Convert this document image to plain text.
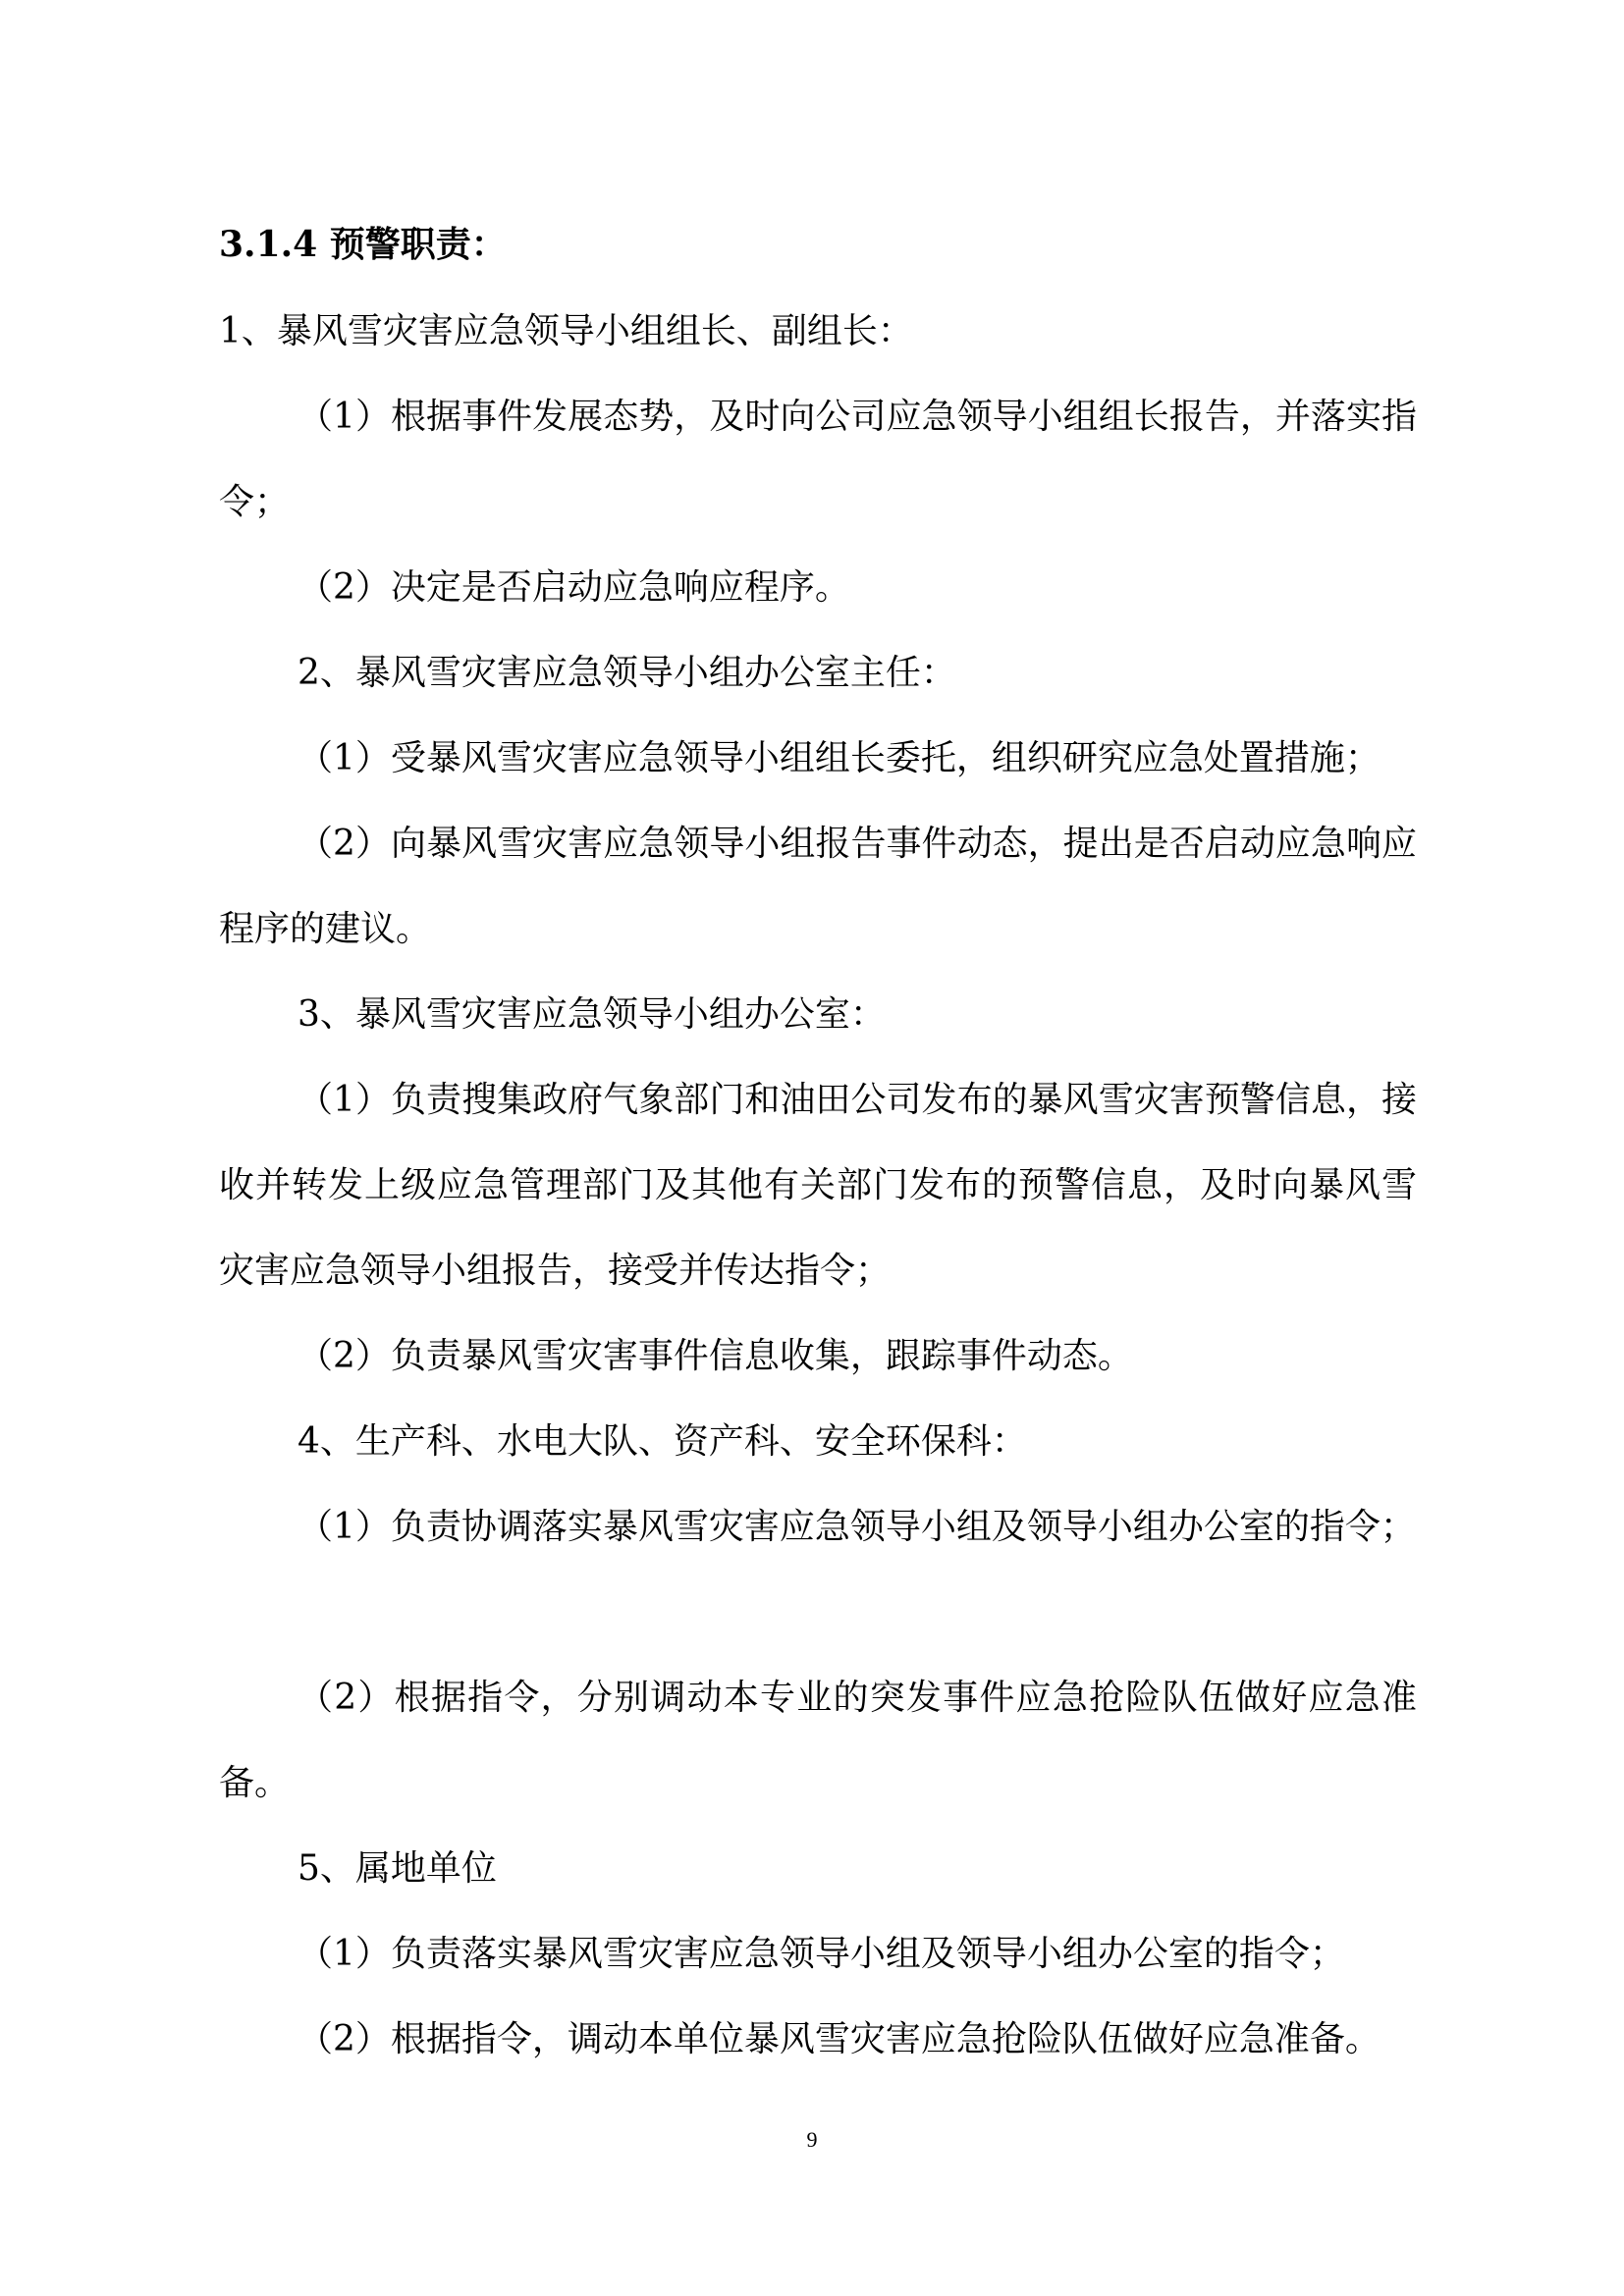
3.1.4 预警职责：

1、暴风雪灾害应急领导小组组长、副组长：

（1）根据事件发展态势，及时向公司应急领导小组组长报告，并落实指令；

（2）决定是否启动应急响应程序。

2、暴风雪灾害应急领导小组办公室主任：

（1）受暴风雪灾害应急领导小组组长委托，组织研究应急处置措施；

（2）向暴风雪灾害应急领导小组报告事件动态，提出是否启动应急响应程序的建议。

3、暴风雪灾害应急领导小组办公室：

（1）负责搜集政府气象部门和油田公司发布的暴风雪灾害预警信息，接收并转发上级应急管理部门及其他有关部门发布的预警信息，及时向暴风雪灾害应急领导小组报告，接受并传达指令；

（2）负责暴风雪灾害事件信息收集，跟踪事件动态。

4、生产科、水电大队、资产科、安全环保科：

（1）负责协调落实暴风雪灾害应急领导小组及领导小组办公室的指令；

（2）根据指令，分别调动本专业的突发事件应急抢险队伍做好应急准备。

5、属地单位

（1）负责落实暴风雪灾害应急领导小组及领导小组办公室的指令；

（2）根据指令，调动本单位暴风雪灾害应急抢险队伍做好应急准备。

9
